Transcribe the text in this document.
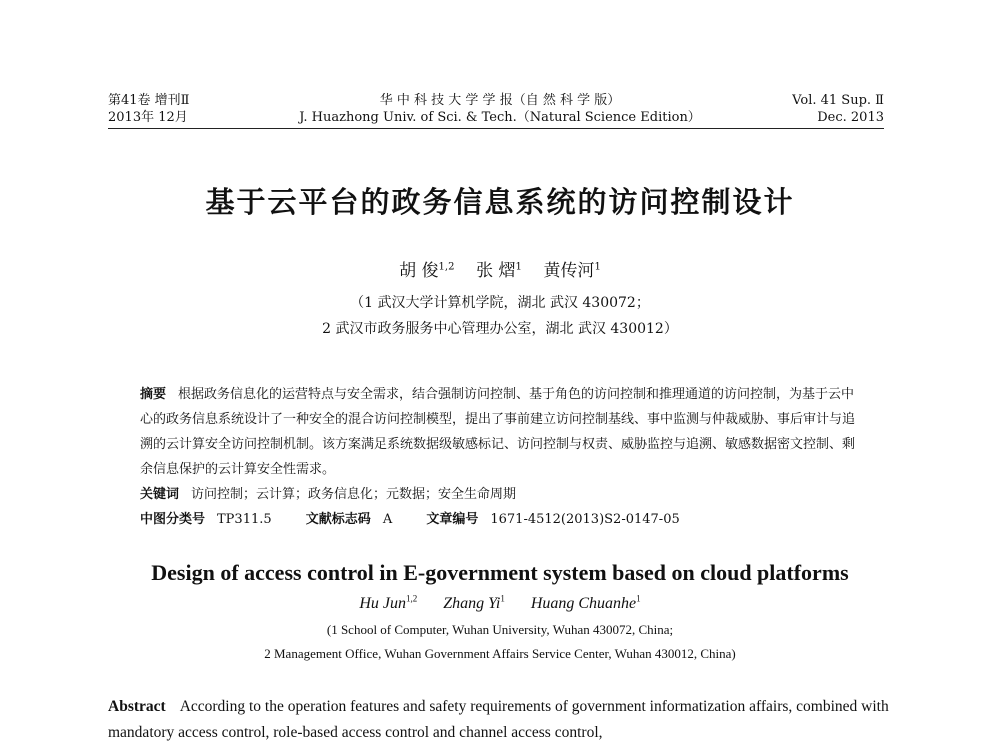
第41卷 增刊Ⅱ
2013年 12月
华 中 科 技 大 学 学 报（自 然 科 学 版）
J. Huazhong Univ. of Sci. & Tech.（Natural Science Edition）
Vol. 41 Sup. Ⅱ
Dec. 2013
基于云平台的政务信息系统的访问控制设计
胡 俊$^{1,2}$ 张 熠$^1$ 黄传河$^1$
（1 武汉大学计算机学院，湖北 武汉 430072；
2 武汉市政务服务中心管理办公室，湖北 武汉 430012）
摘要 根据政务信息化的运营特点与安全需求，结合强制访问控制、基于角色的访问控制和推理通道的访问控制，为基于云中心的政务信息系统设计了一种安全的混合访问控制模型，提出了事前建立访问控制基线、事中监测与仲裁威胁、事后审计与追溯的云计算安全访问控制机制。该方案满足系统数据级敏感标记、访问控制与权责、威胁监控与追溯、敏感数据密文控制、剩余信息保护的云计算安全性需求。
关键词 访问控制；云计算；政务信息化；元数据；安全生命周期
中图分类号 TP311.5	文献标志码 A	文章编号 1671-4512(2013)S2-0147-05
Design of access control in E-government system based on cloud platforms
Hu Jun$^{1,2}$ Zhang Yi$^1$ Huang Chuanhe$^1$
(1 School of Computer, Wuhan University, Wuhan 430072, China;
2 Management Office, Wuhan Government Affairs Service Center, Wuhan 430012, China)
Abstract According to the operation features and safety requirements of government informatization affairs, combined with mandatory access control, role-based access control and channel access control,
